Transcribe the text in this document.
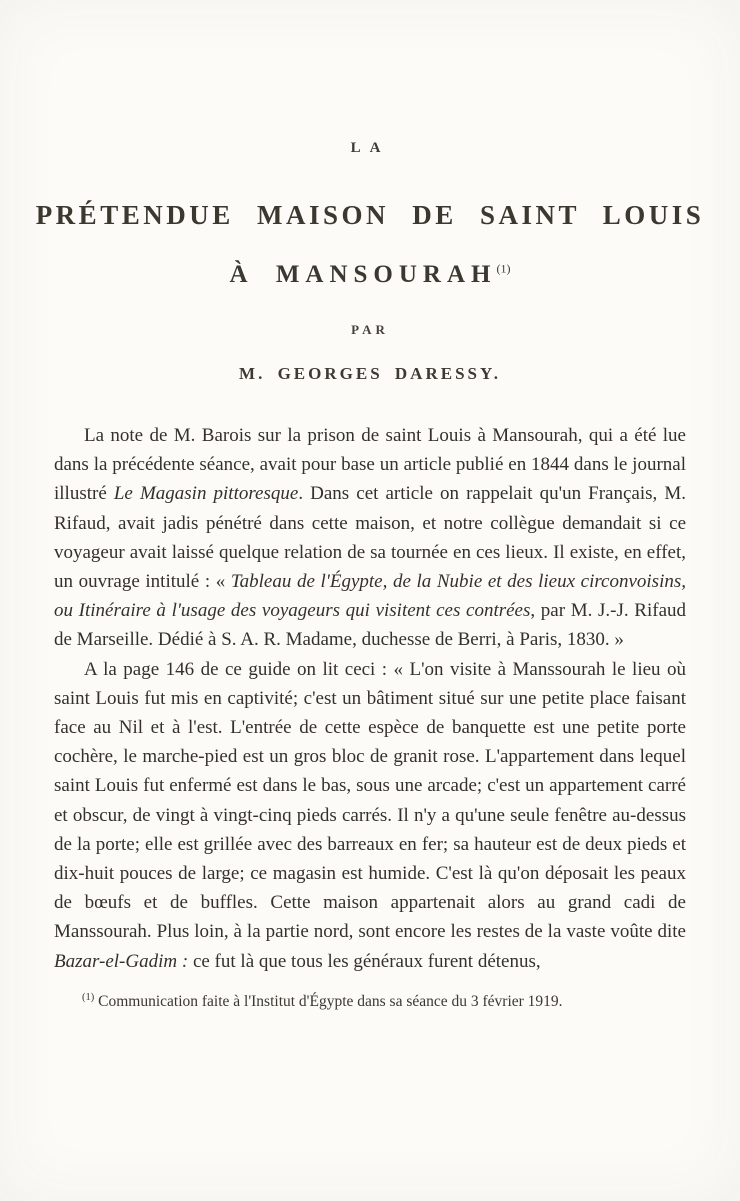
LA
PRÉTENDUE MAISON DE SAINT LOUIS
À MANSOURAH$^{(1)}$
PAR
M. GEORGES DARESSY.

La note de M. Barois sur la prison de saint Louis à Mansourah, qui a été lue dans la précédente séance, avait pour base un article publié en 1844 dans le journal illustré Le Magasin pittoresque. Dans cet article on rappelait qu'un Français, M. Rifaud, avait jadis pénétré dans cette maison, et notre collègue demandait si ce voyageur avait laissé quelque relation de sa tournée en ces lieux. Il existe, en effet, un ouvrage intitulé : « Tableau de l'Égypte, de la Nubie et des lieux circonvoisins, ou Itinéraire à l'usage des voyageurs qui visitent ces contrées, par M. J.-J. Rifaud de Marseille. Dédié à S. A. R. Madame, duchesse de Berri, à Paris, 1830. »

A la page 146 de ce guide on lit ceci : « L'on visite à Manssourah le lieu où saint Louis fut mis en captivité; c'est un bâtiment situé sur une petite place faisant face au Nil et à l'est. L'entrée de cette espèce de banquette est une petite porte cochère, le marche-pied est un gros bloc de granit rose. L'appartement dans lequel saint Louis fut enfermé est dans le bas, sous une arcade; c'est un appartement carré et obscur, de vingt à vingt-cinq pieds carrés. Il n'y a qu'une seule fenêtre au-dessus de la porte; elle est grillée avec des barreaux en fer; sa hauteur est de deux pieds et dix-huit pouces de large; ce magasin est humide. C'est là qu'on déposait les peaux de bœufs et de buffles. Cette maison appartenait alors au grand cadi de Manssourah. Plus loin, à la partie nord, sont encore les restes de la vaste voûte dite Bazar-el-Gadim : ce fut là que tous les généraux furent détenus,

$^{(1)}$ Communication faite à l'Institut d'Égypte dans sa séance du 3 février 1919.
